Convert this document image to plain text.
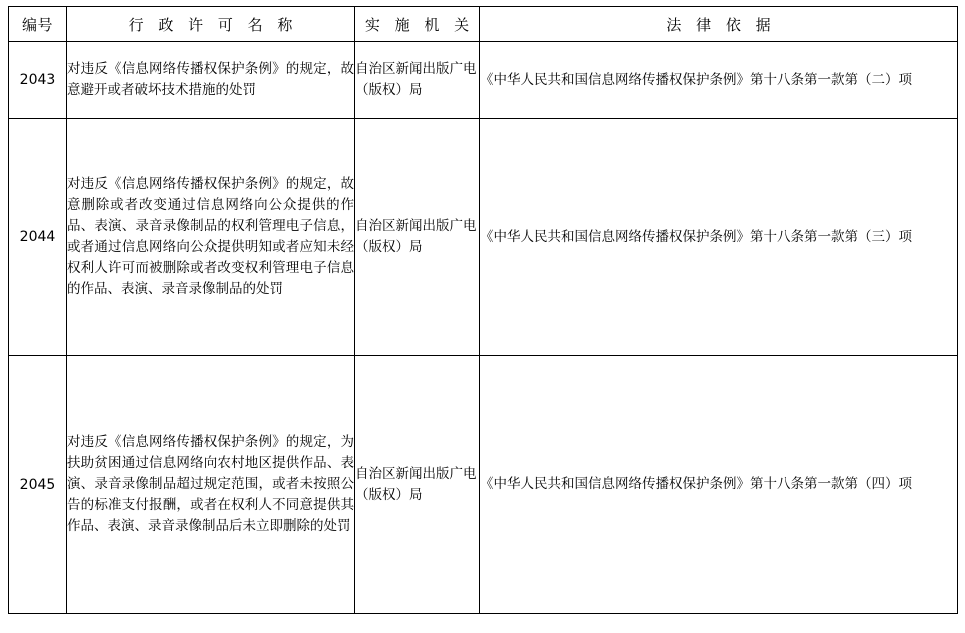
编号	行 政 许 可 名 称	实 施 机 关	法 律 依 据

2043	对违反《信息网络传播权保护条例》的规定，故意避开或者破坏技术措施的处罚	自治区新闻出版广电（版权）局	《中华人民共和国信息网络传播权保护条例》第十八条第一款第（二）项
2044	对违反《信息网络传播权保护条例》的规定，故意删除或者改变通过信息网络向公众提供的作品、表演、录音录像制品的权利管理电子信息，或者通过信息网络向公众提供明知或者应知未经权利人许可而被删除或者改变权利管理电子信息的作品、表演、录音录像制品的处罚	自治区新闻出版广电（版权）局	《中华人民共和国信息网络传播权保护条例》第十八条第一款第（三）项
2045	对违反《信息网络传播权保护条例》的规定，为扶助贫困通过信息网络向农村地区提供作品、表演、录音录像制品超过规定范围，或者未按照公告的标准支付报酬，或者在权利人不同意提供其作品、表演、录音录像制品后未立即删除的处罚	自治区新闻出版广电（版权）局	《中华人民共和国信息网络传播权保护条例》第十八条第一款第（四）项
